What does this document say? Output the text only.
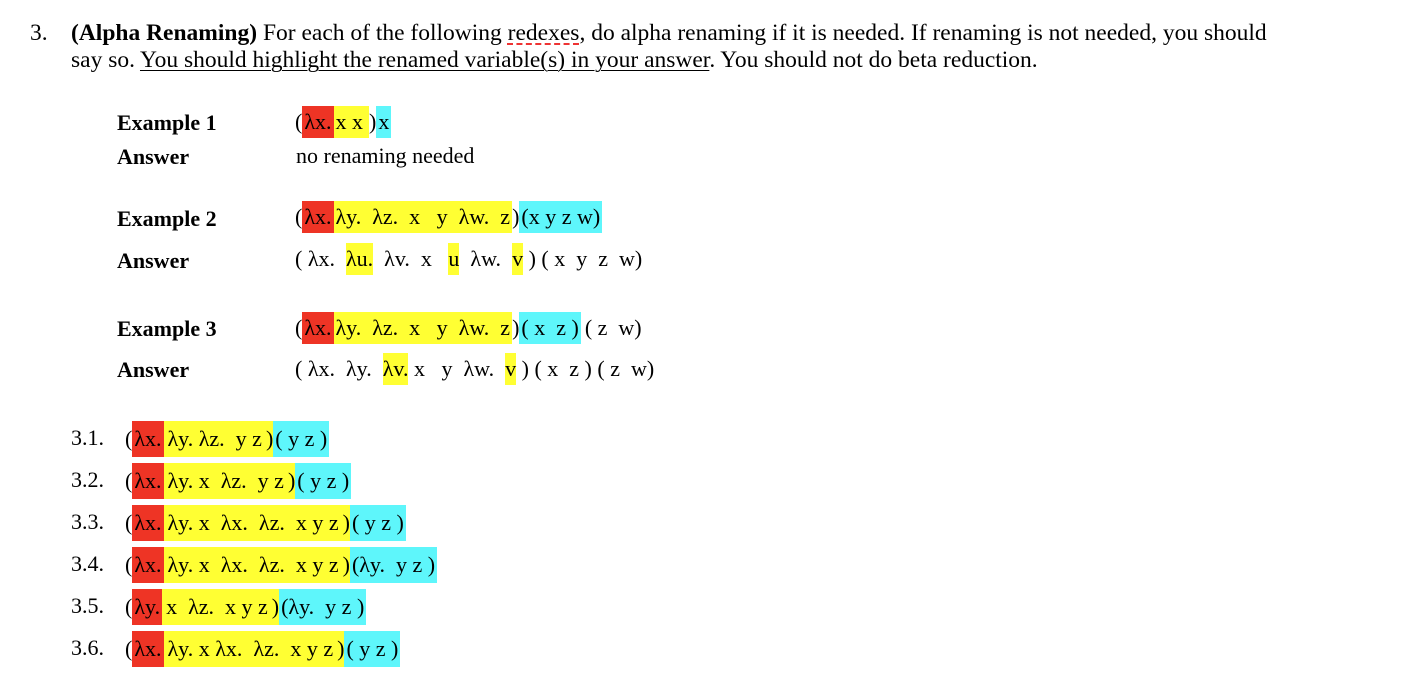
3. (Alpha Renaming) For each of the following redexes, do alpha renaming if it is needed. If renaming is not needed, you should
say so. You should highlight the renamed variable(s) in your answer. You should not do beta reduction.
Example 1	(λx. x x )x
Answer	no renaming needed
Example 2	(λx. λy.  λz.  x   y  λw.  z)(x y z w)
Answer	( λx.  λu.  λv.  x   u  λw.  v ) ( x  y  z  w)
Example 3	(λx. λy.  λz.  x   y  λw.  z)( x  z ) ( z  w)
Answer	( λx.  λy.  λv. x   y  λw.  v ) ( x  z ) ( z  w)
3.1. (λx. λy. λz.  y z )( y z )
3.2. (λx. λy. x  λz.  y z )( y z )
3.3. (λx. λy. x  λx.  λz.  x y z )( y z )
3.4. (λx. λy. x  λx.  λz.  x y z )(λy.  y z )
3.5. (λy. x  λz.  x y z )(λy.  y z )
3.6. (λx. λy. x λx.  λz.  x y z )( y z )
